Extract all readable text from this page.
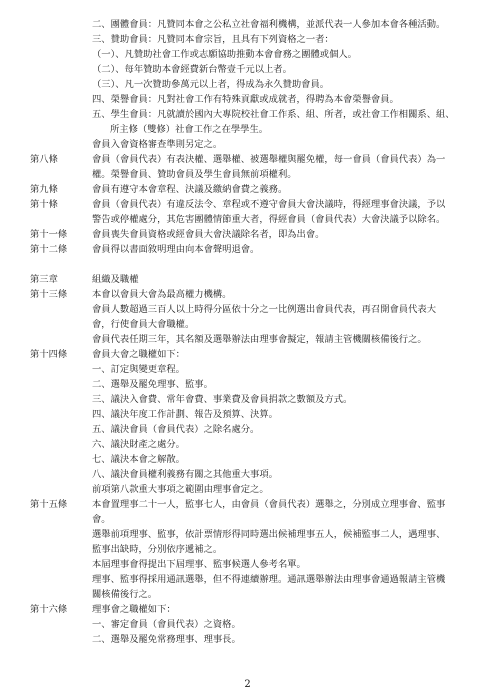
二、團體會員：凡贊同本會之公私立社會福利機構，並派代表一人參加本會各種活動。
三、贊助會員：凡贊同本會宗旨，且具有下列資格之一者：
（一）、凡贊助社會工作或志願協助推動本會會務之團體或個人。
（二）、每年贊助本會經費新台幣壹千元以上者。
（三）、凡一次贊助參萬元以上者，得成為永久贊助會員。
四、榮譽會員：凡對社會工作有特殊貢獻或成就者，得聘為本會榮譽會員。
五、學生會員：凡就讀於國內大專院校社會工作系、組、所者，或社會工作相關系、組、
所主修（雙修）社會工作之在學學生。
會員入會資格審查準則另定之。
第八條	會員（會員代表）有表決權、選舉權、被選舉權與罷免權，每一會員（會員代表）為一
權。榮譽會員、贊助會員及學生會員無前項權利。
第九條	會員有遵守本會章程、決議及繳納會費之義務。
第十條	會員（會員代表）有違反法令、章程或不遵守會員大會決議時，得經理事會決議，予以
警告或停權處分，其危害團體情節重大者，得經會員（會員代表）大會決議予以除名。
第十一條	會員喪失會員資格或經會員大會決議除名者，即為出會。
第十二條	會員得以書面敘明理由向本會聲明退會。
第三章	組織及職權
第十三條	本會以會員大會為最高權力機構。
會員人數超過三百人以上時得分區依十分之一比例選出會員代表，再召開會員代表大
會，行使會員大會職權。
會員代表任期三年，其名額及選舉辦法由理事會擬定，報請主管機關核備後行之。
第十四條	會員大會之職權如下：
一、訂定與變更章程。
二、選舉及罷免理事、監事。
三、議決入會費、常年會費、事業費及會員捐款之數額及方式。
四、議決年度工作計劃、報告及預算、決算。
五、議決會員（會員代表）之除名處分。
六、議決財產之處分。
七、議決本會之解散。
八、議決會員權利義務有關之其他重大事項。
前項第八款重大事項之範圍由理事會定之。
第十五條	本會置理事二十一人，監事七人，由會員（會員代表）選舉之，分別成立理事會、監事
會。
選舉前項理事、監事，依計票情形得同時選出候補理事五人，候補監事二人，遇理事、
監事出缺時，分別依序遞補之。
本屆理事會得提出下屆理事、監事候選人參考名單。
理事、監事得採用通訊選舉，但不得連續辦理。通訊選舉辦法由理事會通過報請主管機
關核備後行之。
第十六條	理事會之職權如下：
一、審定會員（會員代表）之資格。
二、選舉及罷免常務理事、理事長。
2
